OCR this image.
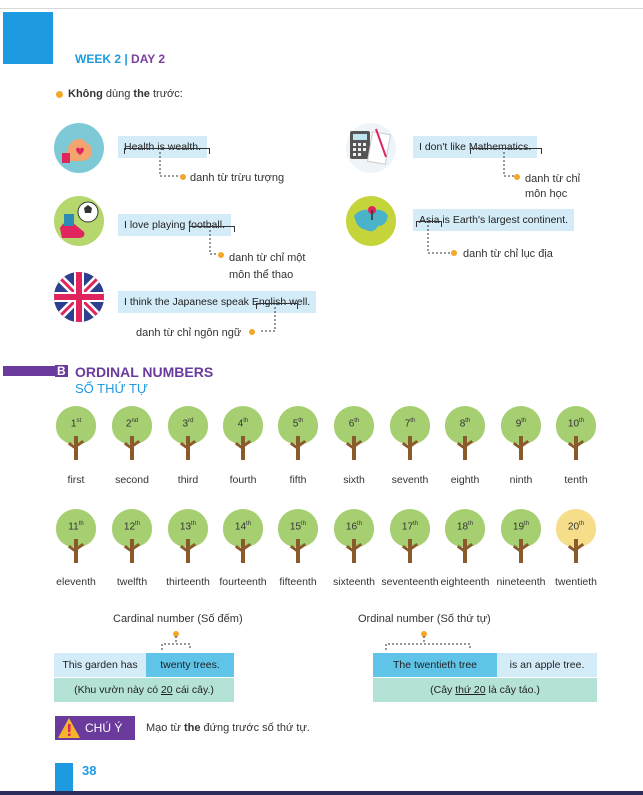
WEEK 2 | DAY 2
Không dùng the trước:
Health is wealth.
danh từ trừu tượng
I don't like Mathematics.
danh từ chỉ
môn học
I love playing football.
danh từ chỉ một
môn thể thao
Asia is Earth's largest continent.
danh từ chỉ lục địa
I think the Japanese speak English well.
danh từ chỉ ngôn ngữ
B ORDINAL NUMBERS
SỐ THỨ TỰ
1st
first
2nd
second
3rd
third
4th
fourth
5th
fifth
6th
sixth
7th
seventh
8th
eighth
9th
ninth
10th
tenth
11th
eleventh
12th
twelfth
13th
thirteenth
14th
fourteenth
15th
fifteenth
16th
sixteenth
17th
seventeenth
18th
eighteenth
19th
nineteenth
20th
twentieth
Cardinal number (Số đếm)
This garden has	twenty trees.
(Khu vườn này có 20 cái cây.)
Ordinal number (Số thứ tự)
The twentieth tree	is an apple tree.
(Cây thứ 20 là cây táo.)
CHÚ Ý Mạo từ the đứng trước số thứ tự.
38
